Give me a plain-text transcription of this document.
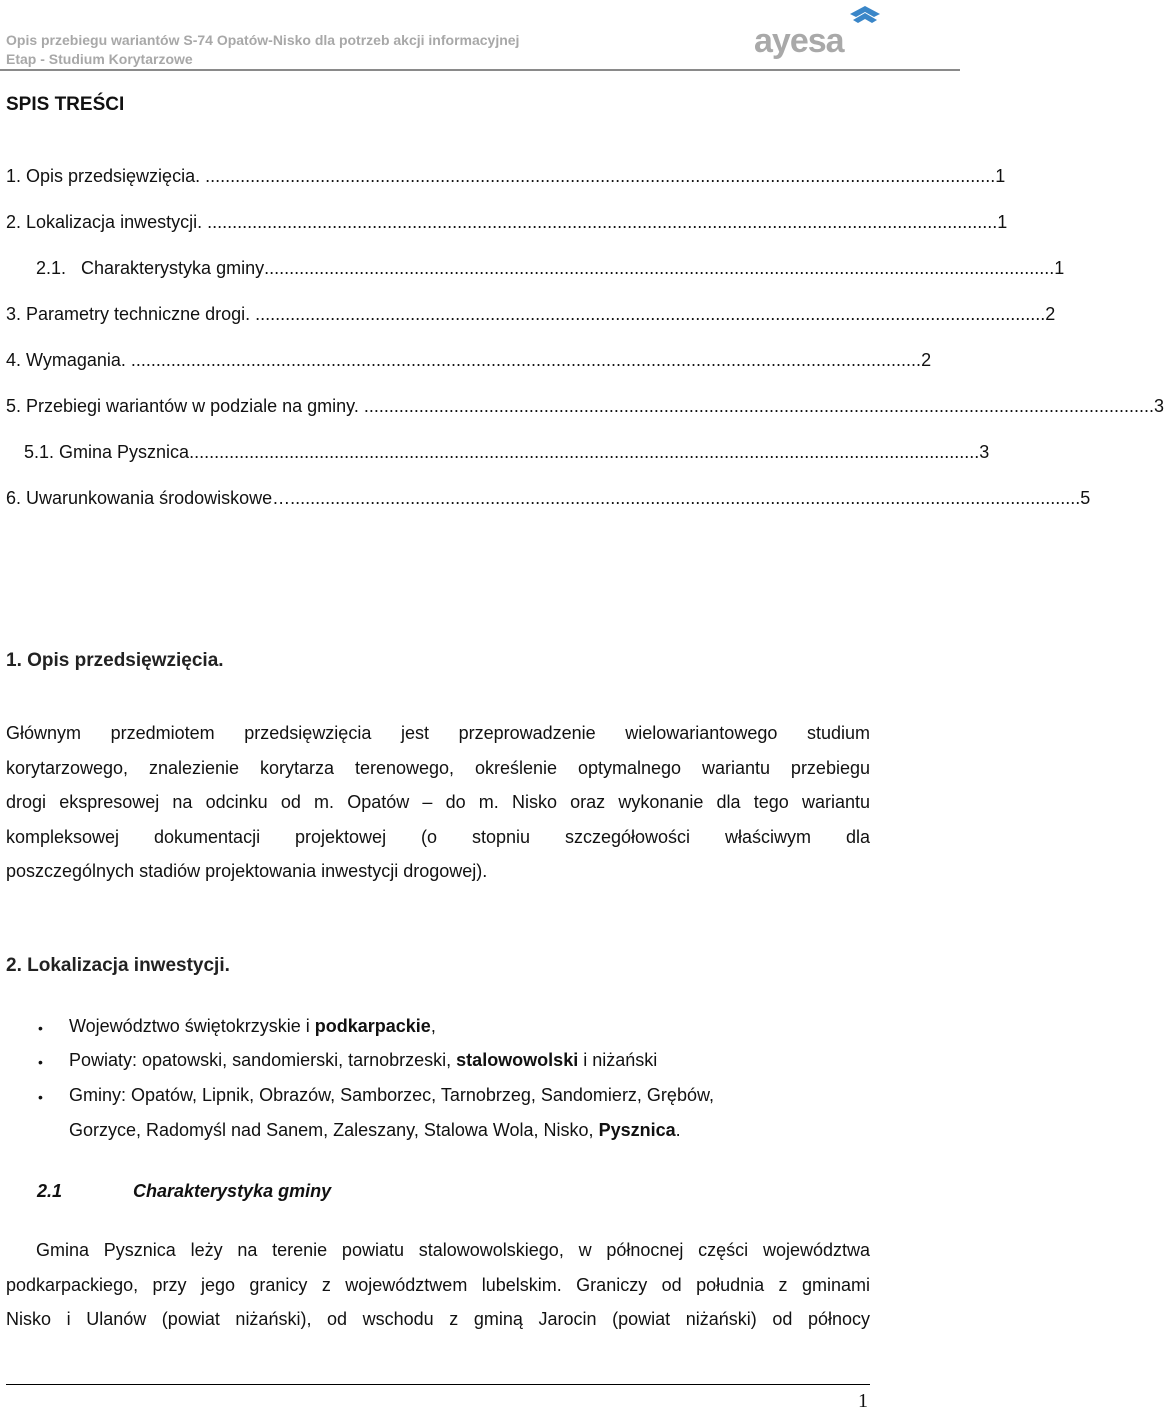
Opis przebiegu wariantów S-74 Opatów-Nisko dla potrzeb akcji informacyjnej
Etap - Studium Korytarzowe	ayesa
SPIS TREŚCI
1. Opis przedsięwzięcia. .............................................................................................................................................................. 1
2. Lokalizacja inwestycji. .............................................................................................................................................................. 1
2.1.   Charakterystyka gminy .............................................................................................................................................................. 1
3. Parametry techniczne drogi. .............................................................................................................................................................. 2
4. Wymagania. .............................................................................................................................................................. 2
5. Przebiegi wariantów w podziale na gminy. .............................................................................................................................................................. 3
5.1. Gmina Pysznica .............................................................................................................................................................. 3
6. Uwarunkowania środowiskowe… .............................................................................................................................................................. 5
1. Opis przedsięwzięcia.
Głównym przedmiotem przedsięwzięcia jest przeprowadzenie wielowariantowego studium
korytarzowego, znalezienie korytarza terenowego, określenie optymalnego wariantu przebiegu
drogi ekspresowej na odcinku od m. Opatów – do m. Nisko oraz wykonanie dla tego wariantu
kompleksowej dokumentacji projektowej (o stopniu szczegółowości właściwym dla
poszczególnych stadiów projektowania inwestycji drogowej).
2. Lokalizacja inwestycji.
• Województwo świętokrzyskie i podkarpackie,
• Powiaty: opatowski, sandomierski, tarnobrzeski, stalowowolski i niżański
• Gminy: Opatów, Lipnik, Obrazów, Samborzec, Tarnobrzeg, Sandomierz, Grębów,
Gorzyce, Radomyśl nad Sanem, Zaleszany, Stalowa Wola, Nisko, Pysznica.
2.1	Charakterystyka gminy
Gmina Pysznica leży na terenie powiatu stalowowolskiego, w północnej części województwa
podkarpackiego, przy jego granicy z województwem lubelskim. Graniczy od południa z gminami
Nisko i Ulanów (powiat niżański), od wschodu z gminą Jarocin (powiat niżański) od północy
1
